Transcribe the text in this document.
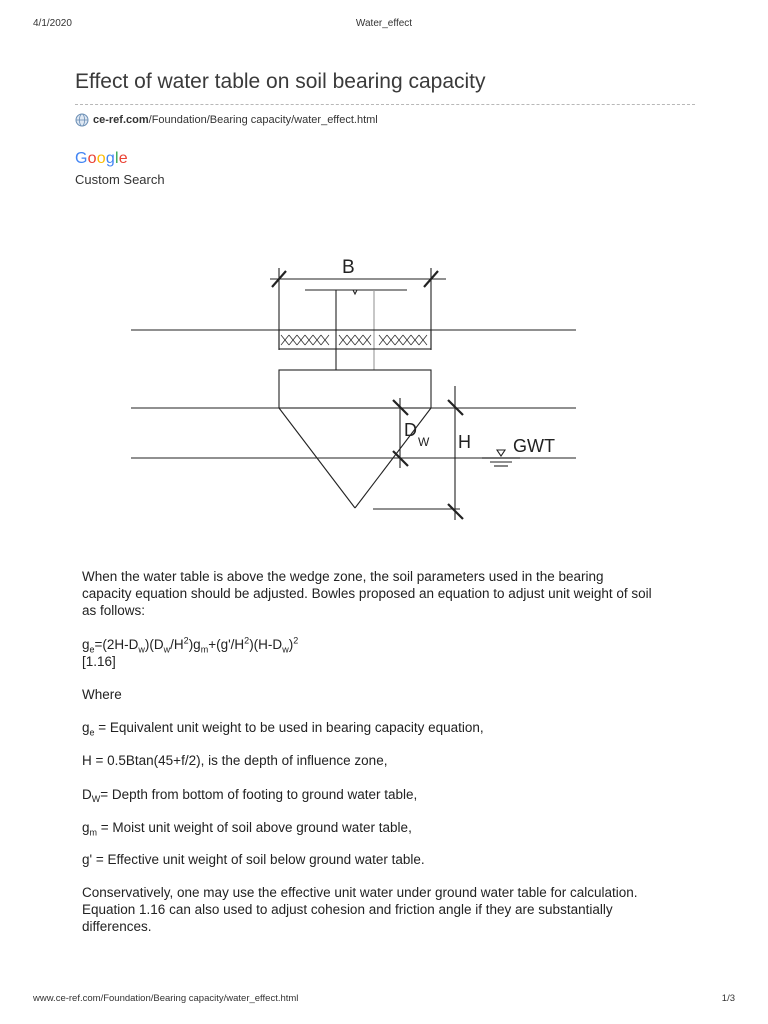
4/1/2020	Water_effect
Effect of water table on soil bearing capacity
ce-ref.com/Foundation/Bearing capacity/water_effect.html
Google
Custom Search
B
D
W H GWT

When the water table is above the wedge zone, the soil parameters used in the bearing capacity equation should be adjusted. Bowles proposed an equation to adjust unit weight of soil as follows:

$g_e=(2H-D_w)(D_w/H^2)g_m+(g'/H^2)(H-D_w)^2$

[1.16]

Where

$g_e$ = Equivalent unit weight to be used in bearing capacity equation,

H = 0.5Btan(45+f/2), is the depth of influence zone,

$D_W=$ Depth from bottom of footing to ground water table,

$g_m$ = Moist unit weight of soil above ground water table,

g' = Effective unit weight of soil below ground water table.

Conservatively, one may use the effective unit water under ground water table for calculation. Equation 1.16 can also used to adjust cohesion and friction angle if they are substantially differences.

www.ce-ref.com/Foundation/Bearing capacity/water_effect.html	1/3
